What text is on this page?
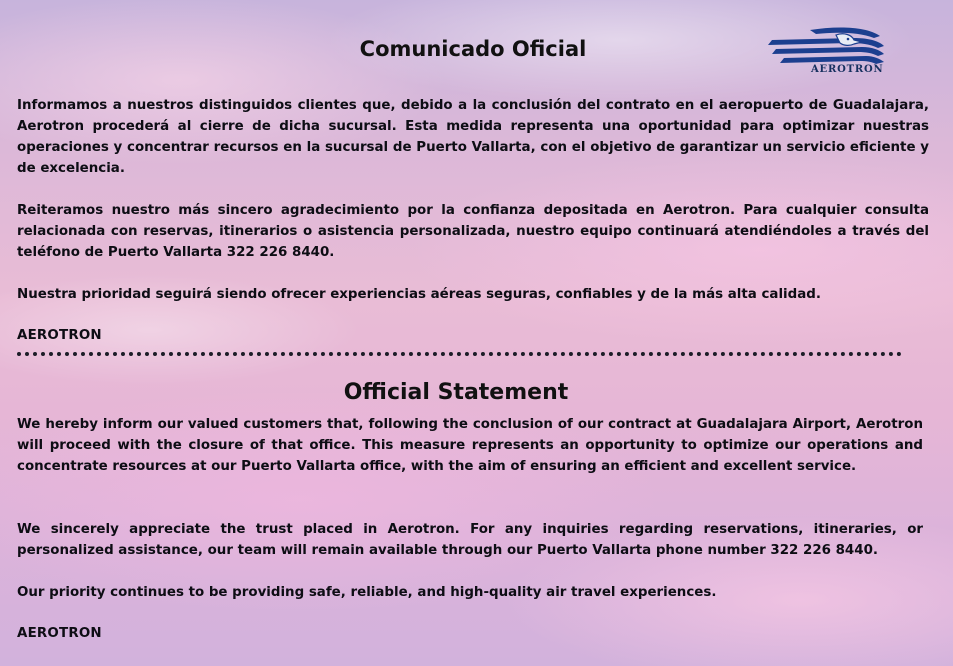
AEROTRON
Comunicado Oficial

Informamos a nuestros distinguidos clientes que, debido a la conclusión del contrato en el aeropuerto de Guadalajara, Aerotron procederá al cierre de dicha sucursal. Esta medida representa una oportunidad para optimizar nuestras operaciones y concentrar recursos en la sucursal de Puerto Vallarta, con el objetivo de garantizar un servicio eficiente y de excelencia.

Reiteramos nuestro más sincero agradecimiento por la confianza depositada en Aerotron. Para cualquier consulta relacionada con reservas, itinerarios o asistencia personalizada, nuestro equipo continuará atendiéndoles a través del teléfono de Puerto Vallarta 322 226 8440.

Nuestra prioridad seguirá siendo ofrecer experiencias aéreas seguras, confiables y de la más alta calidad.

AEROTRON
Official Statement

We hereby inform our valued customers that, following the conclusion of our contract at Guadalajara Airport, Aerotron will proceed with the closure of that office. This measure represents an opportunity to optimize our operations and concentrate resources at our Puerto Vallarta office, with the aim of ensuring an efficient and excellent service.

We sincerely appreciate the trust placed in Aerotron. For any inquiries regarding reservations, itineraries, or personalized assistance, our team will remain available through our Puerto Vallarta phone number 322 226 8440.

Our priority continues to be providing safe, reliable, and high-quality air travel experiences.

AEROTRON
